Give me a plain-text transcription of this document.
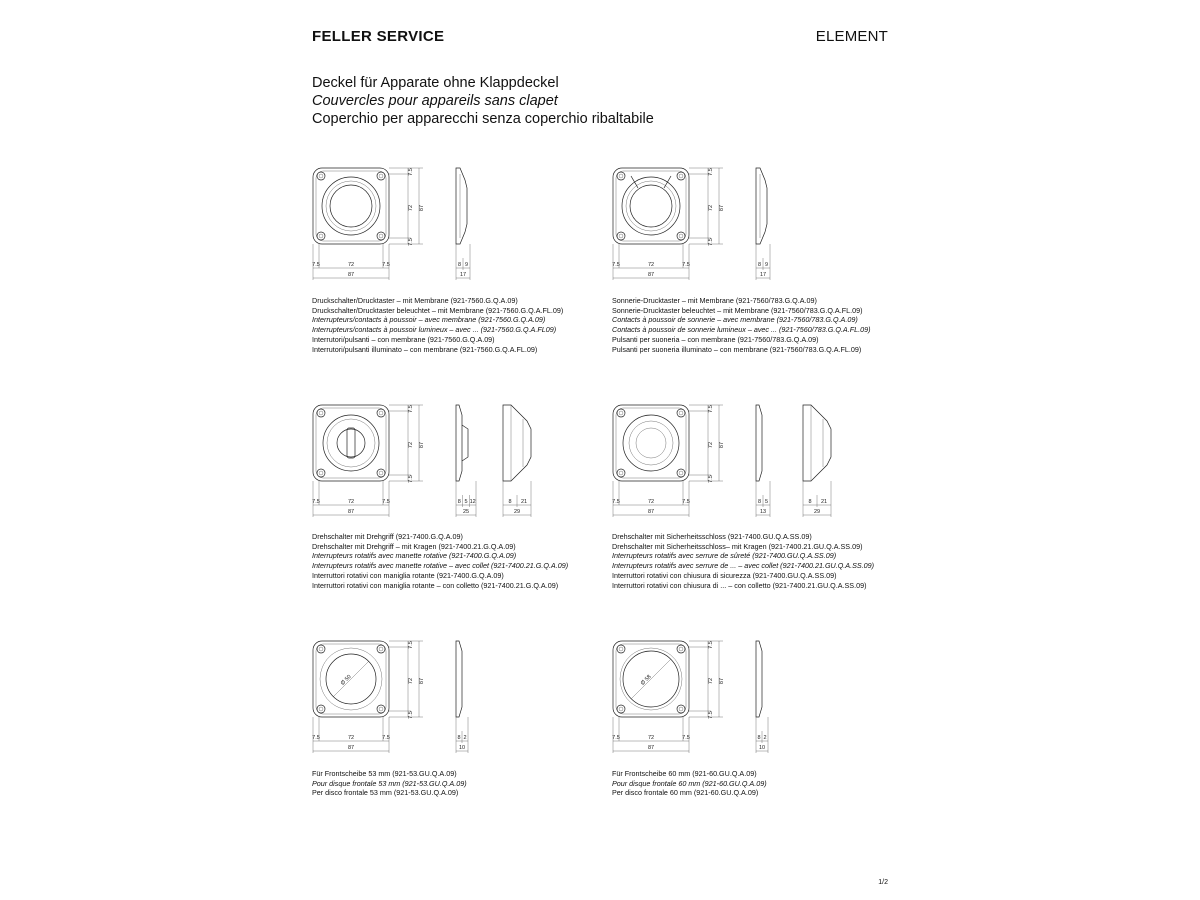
FELLER SERVICE	ELEMENT
Deckel für Apparate ohne Klappdeckel
Couvercles pour appareils sans clapet
Coperchio per apparecchi senza coperchio ribaltabile
72 87
7.5
7.5
72
87
7.5	7.5	8 9
17
72 87
7.5
7.5
72
87
7.5	7.5	8 9
17
72 87
7.5
7.5
72
87
7.5	7.5	8 5 12
25
8 21
29
72 87
7.5
7.5
72
87
7.5	7.5	8 5
13
8 21
29
Ø 50	72 87
7.5
7.5
72
87
7.5	7.5	8 2
10
Ø 58	72 87
7.5
7.5
72
87
7.5	7.5	8 2
10
Druckschalter/Drucktaster – mit Membrane (921-7560.G.Q.A.09)
Druckschalter/Drucktaster beleuchtet – mit Membrane (921-7560.G.Q.A.FL.09)
Interrupteurs/contacts à poussoir – avec membrane (921-7560.G.Q.A.09)
Interrupteurs/contacts à poussoir lumineux – avec ... (921-7560.G.Q.A.FL09)
Interrutori/pulsanti – con membrane (921-7560.G.Q.A.09)
Interrutori/pulsanti illuminato – con membrane (921-7560.G.Q.A.FL.09)
Sonnerie-Drucktaster – mit Membrane (921-7560/783.G.Q.A.09)
Sonnerie-Drucktaster beleuchtet – mit Membrane (921-7560/783.G.Q.A.FL.09)
Contacts à poussoir de sonnerie – avec membrane (921-7560/783.G.Q.A.09)
Contacts à poussoir de sonnerie lumineux – avec ... (921-7560/783.G.Q.A.FL.09)
Pulsanti per suoneria – con membrane (921-7560/783.G.Q.A.09)
Pulsanti per suoneria illuminato – con membrane (921-7560/783.G.Q.A.FL.09)
Drehschalter mit Drehgriff (921-7400.G.Q.A.09)
Drehschalter mit Drehgriff – mit Kragen (921-7400.21.G.Q.A.09)
Interrupteurs rotatifs avec manette rotative (921-7400.G.Q.A.09)
Interrupteurs rotatifs avec manette rotative – avec collet (921-7400.21.G.Q.A.09)
Interruttori rotativi con maniglia rotante (921-7400.G.Q.A.09)
Interruttori rotativi con maniglia rotante – con colletto (921-7400.21.G.Q.A.09)
Drehschalter mit Sicherheitsschloss (921-7400.GU.Q.A.SS.09)
Drehschalter mit Sicherheitsschloss– mit Kragen (921-7400.21.GU.Q.A.SS.09)
Interrupteurs rotatifs avec serrure de sûreté (921-7400.GU.Q.A.SS.09)
Interrupteurs rotatifs avec serrure de ... – avec collet (921-7400.21.GU.Q.A.SS.09)
Interruttori rotativi con chiusura di sicurezza (921-7400.GU.Q.A.SS.09)
Interruttori rotativi con chiusura di ... – con colletto (921-7400.21.GU.Q.A.SS.09)
Für Frontscheibe 53 mm (921-53.GU.Q.A.09)
Pour disque frontale 53 mm (921-53.GU.Q.A.09)
Per disco frontale 53 mm (921-53.GU.Q.A.09)
Für Frontscheibe 60 mm (921-60.GU.Q.A.09)
Pour disque frontale 60 mm (921-60.GU.Q.A.09)
Per disco frontale 60 mm (921-60.GU.Q.A.09)
1/2
